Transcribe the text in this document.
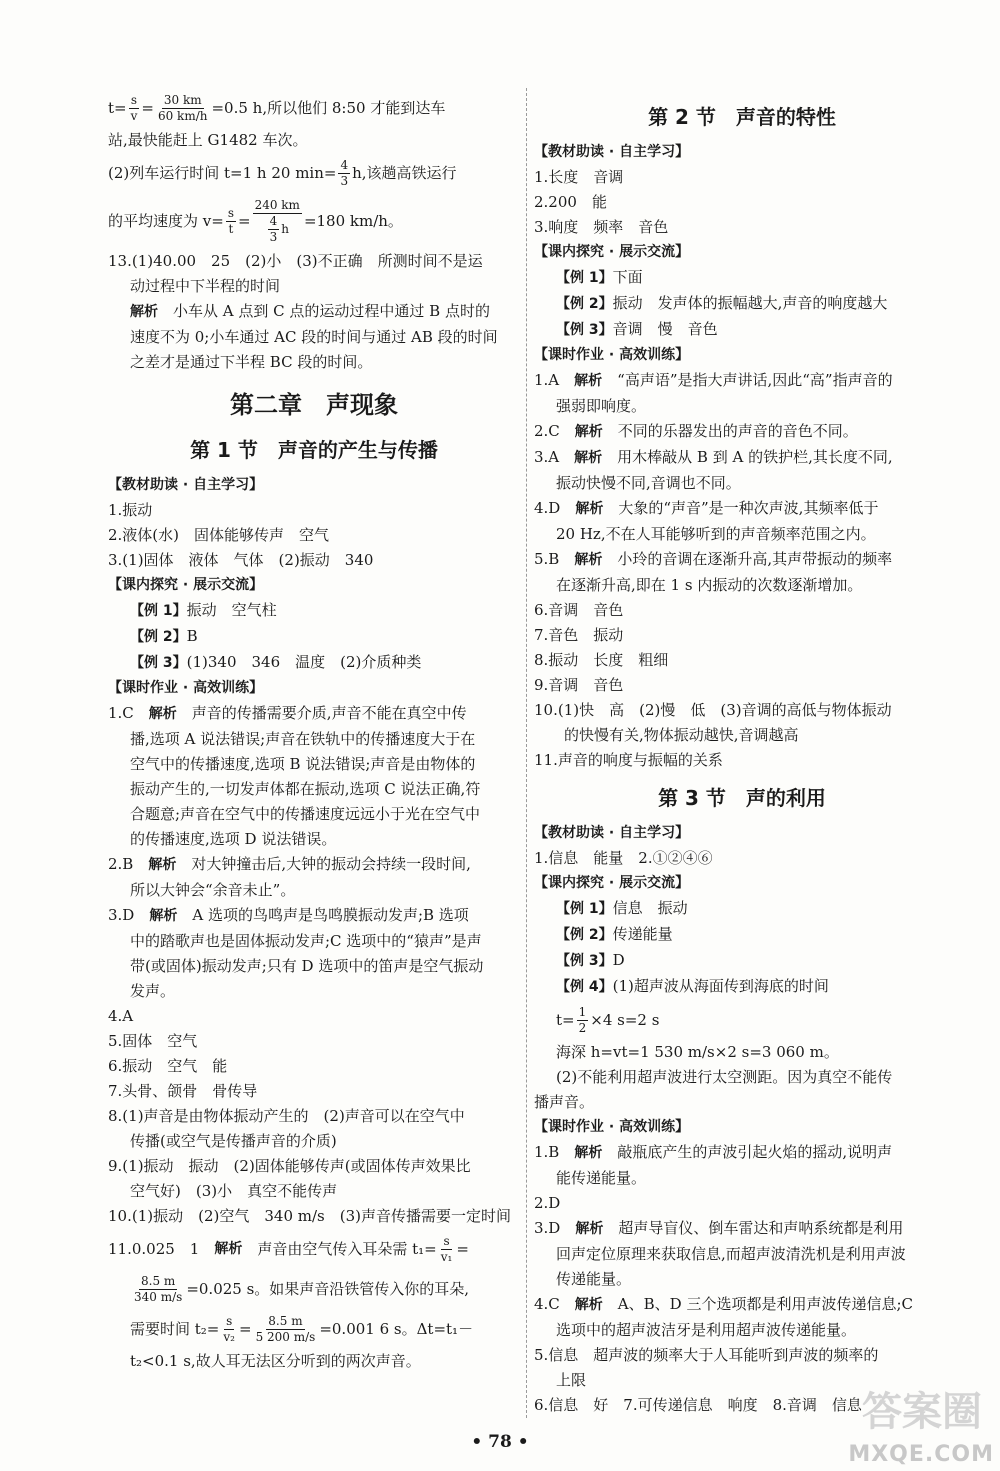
$t= \frac{s}{v} = \frac{30 km}{60 km/h} =0.5$ h,所以他们 8:50 才能到达车
站,最快能赶上 G1482 车次。
(2)列车运行时间 t=1 h 20 $\min= \frac{4}{3} h$,该趟高铁运行
的平均速度为 $v= \frac{s}{t} = \frac{240 km}{\frac{4}{3} h} =180$ km/h。
13.(1)40.00　25　(2)小　(3)不正确　所测时间不是运
动过程中下半程的时间
解析　小车从 A 点到 C 点的运动过程中通过 B 点时的
速度不为 0;小车通过 AC 段的时间与通过 AB 段的时间
之差才是通过下半程 BC 段的时间。
第二章　声现象
第 1 节　声音的产生与传播
【教材助读 · 自主学习】
1.振动
2.液体(水)　固体能够传声　空气
3.(1)固体　液体　气体　(2)振动　340
【课内探究 · 展示交流】
【例 1】振动　空气柱
【例 2】B
【例 3】(1)340　346　温度　(2)介质种类
【课时作业 · 高效训练】
1.C　解析　声音的传播需要介质,声音不能在真空中传
播,选项 A 说法错误;声音在铁轨中的传播速度大于在
空气中的传播速度,选项 B 说法错误;声音是由物体的
振动产生的,一切发声体都在振动,选项 C 说法正确,符
合题意;声音在空气中的传播速度远远小于光在空气中
的传播速度,选项 D 说法错误。
2.B　解析　对大钟撞击后,大钟的振动会持续一段时间,
所以大钟会“余音未止”。
3.D　解析　A 选项的鸟鸣声是鸟鸣膜振动发声;B 选项
中的踏歌声也是固体振动发声;C 选项中的“猿声”是声
带(或固体)振动发声;只有 D 选项中的笛声是空气振动
发声。
4.A
5.固体　空气
6.振动　空气　能
7.头骨、颌骨　骨传导
8.(1)声音是由物体振动产生的　(2)声音可以在空气中
传播(或空气是传播声音的介质)
9.(1)振动　振动　(2)固体能够传声(或固体传声效果比
空气好)　(3)小　真空不能传声
10.(1)振动　(2)空气　340 m/s　(3)声音传播需要一定时间
11.0.025　1　 解析 　声音由空气传入耳朵需 $t_1= \frac{s}{\text{v₁}}$ =
$\frac{8.5 m}{340 m/s} =0.025$ s。如果声音沿铁管传入你的耳朵,
需要时间 $t_2= \frac{s}{\text{v₂}} = \frac{8.5 m}{5 200 m/s} =0.001$ 6 s。Δt=t₁－
t₂<0.1 s,故人耳无法区分听到的两次声音。
第 2 节　声音的特性
【教材助读 · 自主学习】
1.长度　音调
2.200　能
3.响度　频率　音色
【课内探究 · 展示交流】
【例 1】下面
【例 2】振动　发声体的振幅越大,声音的响度越大
【例 3】音调　慢　音色
【课时作业 · 高效训练】
1.A　解析　“高声语”是指大声讲话,因此“高”指声音的
强弱即响度。
2.C　解析　不同的乐器发出的声音的音色不同。
3.A　解析　用木棒敲从 B 到 A 的铁护栏,其长度不同,
振动快慢不同,音调也不同。
4.D　解析　大象的“声音”是一种次声波,其频率低于
20 Hz,不在人耳能够听到的声音频率范围之内。
5.B　解析　小玲的音调在逐渐升高,其声带振动的频率
在逐渐升高,即在 1 s 内振动的次数逐渐增加。
6.音调　音色
7.音色　振动
8.振动　长度　粗细
9.音调　音色
10.(1)快　高　(2)慢　低　(3)音调的高低与物体振动
的快慢有关,物体振动越快,音调越高
11.声音的响度与振幅的关系
第 3 节　声的利用
【教材助读 · 自主学习】
1.信息　能量　2.①②④⑥
【课内探究 · 展示交流】
【例 1】信息　振动
【例 2】传递能量
【例 3】D
【例 4】(1)超声波从海面传到海底的时间
$t= \frac{1}{2} \times 4$ s=2 s
海深 h=vt=1 530 m/s×2 s=3 060 m。
(2)不能利用超声波进行太空测距。因为真空不能传
播声音。
【课时作业 · 高效训练】
1.B　解析　敲瓶底产生的声波引起火焰的摇动,说明声
能传递能量。
2.D
3.D　解析　超声导盲仪、倒车雷达和声呐系统都是利用
回声定位原理来获取信息,而超声波清洗机是利用声波
传递能量。
4.C　解析　A、B、D 三个选项都是利用声波传递信息;C
选项中的超声波洁牙是利用超声波传递能量。
5.信息　超声波的频率大于人耳能听到声波的频率的
上限
6.信息　好　7.可传递信息　响度　8.音调　信息
• 78 •
答案圈
MXQE.COM
